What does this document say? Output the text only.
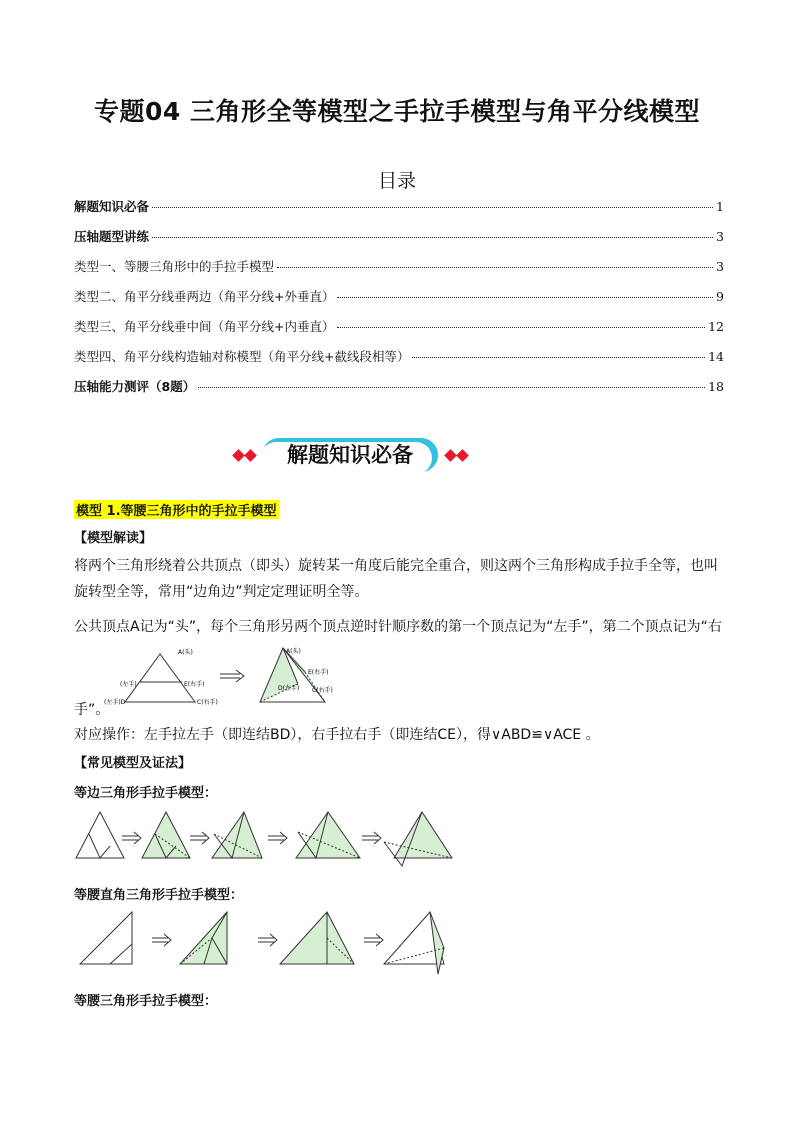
专题04 三角形全等模型之手拉手模型与角平分线模型
目录
解题知识必备	1
压轴题型讲练	3
类型一、等腰三角形中的手拉手模型	3
类型二、角平分线垂两边（角平分线+外垂直）	9
类型三、角平分线垂中间（角平分线+内垂直）	12
类型四、角平分线构造轴对称模型（角平分线+截线段相等）	14
压轴能力测评（8题）	18
解题知识必备
模型 1.等腰三角形中的手拉手模型
【模型解读】
将两个三角形绕着公共顶点（即头）旋转某一角度后能完全重合，则这两个三角形构成手拉手全等，也叫
旋转型全等，常用“边角边”判定定理证明全等。
公共顶点A记为“头”，每个三角形另两个顶点逆时针顺序数的第一个顶点记为“左手”，第二个顶点记为“右
A(头)
(左手)	E(右手)
(左手)D	C(右手)
A(头)
E(右手)
D(左手) C(右手)
手”。
对应操作：左手拉左手（即连结BD），右手拉右手（即连结CE），得∨ABD≌∨ACE 。
【常见模型及证法】
等边三角形手拉手模型：
等腰直角三角形手拉手模型：
等腰三角形手拉手模型：
